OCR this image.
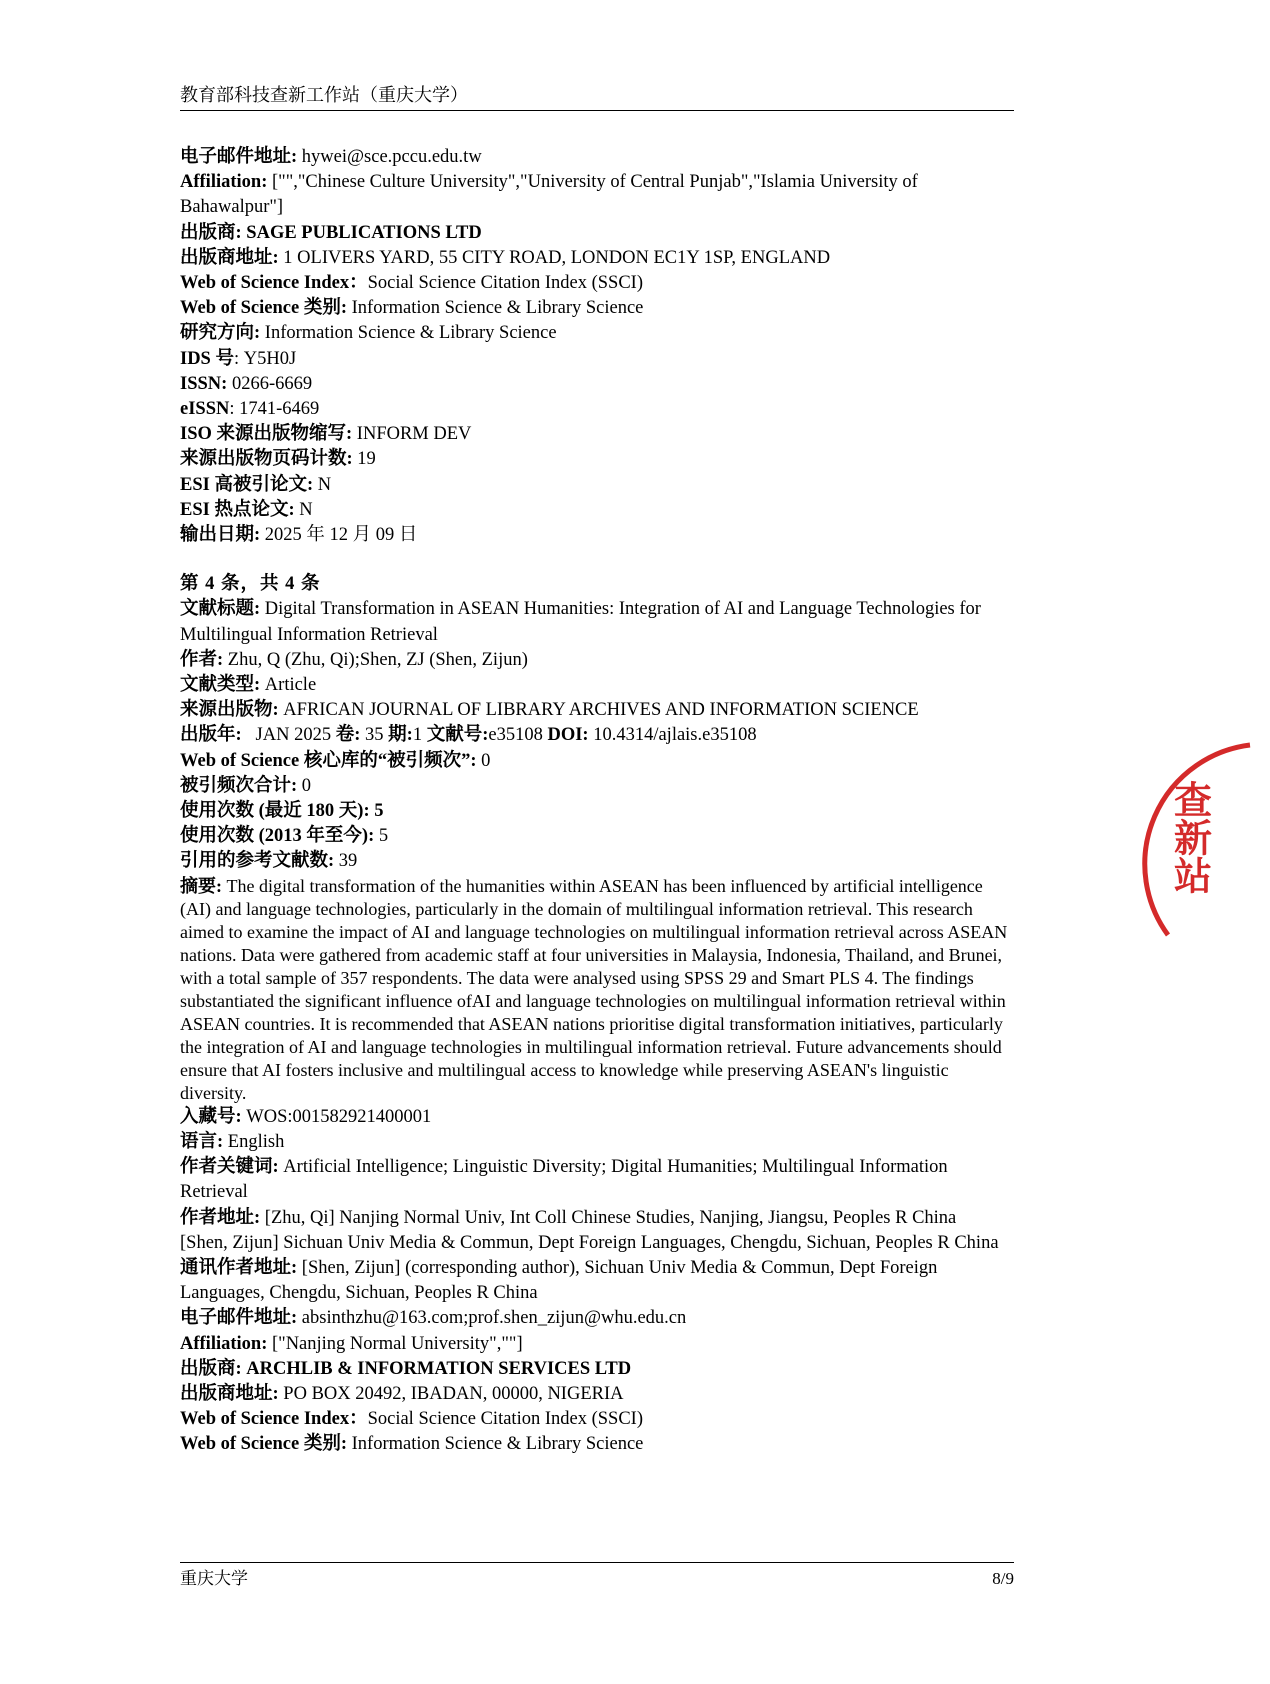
教育部科技查新工作站（重庆大学）

电子邮件地址: hywei@sce.pccu.edu.tw

Affiliation: ["","Chinese Culture University","University of Central Punjab","Islamia University of Bahawalpur"]

出版商: SAGE PUBLICATIONS LTD

出版商地址: 1 OLIVERS YARD, 55 CITY ROAD, LONDON EC1Y 1SP, ENGLAND

Web of Science Index：Social Science Citation Index (SSCI)

Web of Science 类别: Information Science & Library Science

研究方向: Information Science & Library Science

IDS 号: Y5H0J

ISSN: 0266-6669

eISSN: 1741-6469

ISO 来源出版物缩写: INFORM DEV

来源出版物页码计数: 19

ESI 高被引论文: N

ESI 热点论文: N

输出日期: 2025 年 12 月 09 日

第 4 条，共 4 条

文献标题: Digital Transformation in ASEAN Humanities: Integration of AI and Language Technologies for Multilingual Information Retrieval

作者: Zhu, Q (Zhu, Qi);Shen, ZJ (Shen, Zijun)

文献类型: Article

来源出版物: AFRICAN JOURNAL OF LIBRARY ARCHIVES AND INFORMATION SCIENCE

出版年: JAN 2025 卷: 35 期:1 文献号:e35108 DOI: 10.4314/ajlais.e35108

Web of Science 核心库的“被引频次”: 0

被引频次合计: 0

使用次数 (最近 180 天): 5

使用次数 (2013 年至今): 5

引用的参考文献数: 39

摘要: The digital transformation of the humanities within ASEAN has been influenced by artificial intelligence (AI) and language technologies, particularly in the domain of multilingual information retrieval. This research aimed to examine the impact of AI and language technologies on multilingual information retrieval across ASEAN nations. Data were gathered from academic staff at four universities in Malaysia, Indonesia, Thailand, and Brunei, with a total sample of 357 respondents. The data were analysed using SPSS 29 and Smart PLS 4. The findings substantiated the significant influence ofAI and language technologies on multilingual information retrieval within ASEAN countries. It is recommended that ASEAN nations prioritise digital transformation initiatives, particularly the integration of AI and language technologies in multilingual information retrieval. Future advancements should ensure that AI fosters inclusive and multilingual access to knowledge while preserving ASEAN's linguistic diversity.

入藏号: WOS:001582921400001

语言: English

作者关键词: Artificial Intelligence; Linguistic Diversity; Digital Humanities; Multilingual Information Retrieval

作者地址: [Zhu, Qi] Nanjing Normal Univ, Int Coll Chinese Studies, Nanjing, Jiangsu, Peoples R China

[Shen, Zijun] Sichuan Univ Media & Commun, Dept Foreign Languages, Chengdu, Sichuan, Peoples R China

通讯作者地址: [Shen, Zijun] (corresponding author), Sichuan Univ Media & Commun, Dept Foreign Languages, Chengdu, Sichuan, Peoples R China

电子邮件地址: absinthzhu@163.com;prof.shen_zijun@whu.edu.cn

Affiliation: ["Nanjing Normal University",""]

出版商: ARCHLIB & INFORMATION SERVICES LTD

出版商地址: PO BOX 20492, IBADAN, 00000, NIGERIA

Web of Science Index：Social Science Citation Index (SSCI)

Web of Science 类别: Information Science & Library Science

查新站
重庆大学	8/9
